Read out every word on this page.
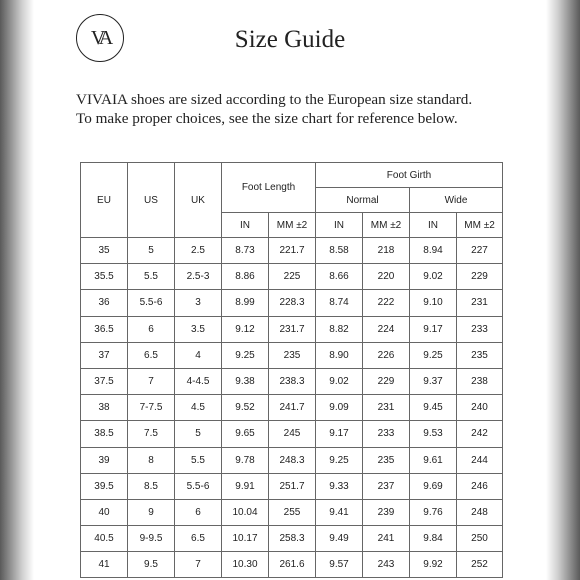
VA	Size Guide

VIVAIA shoes are sized according to the European size standard.
To make proper choices, see the size chart for reference below.

EU	US	UK	Foot Length		Foot Girth			
					Normal		Wide	
			IN	MM ±2	IN	MM ±2	IN	MM ±2
35	5	2.5	8.73	221.7	8.58	218	8.94	227
35.5	5.5	2.5-3	8.86	225	8.66	220	9.02	229
36	5.5-6	3	8.99	228.3	8.74	222	9.10	231
36.5	6	3.5	9.12	231.7	8.82	224	9.17	233
37	6.5	4	9.25	235	8.90	226	9.25	235
37.5	7	4-4.5	9.38	238.3	9.02	229	9.37	238
38	7-7.5	4.5	9.52	241.7	9.09	231	9.45	240
38.5	7.5	5	9.65	245	9.17	233	9.53	242
39	8	5.5	9.78	248.3	9.25	235	9.61	244
39.5	8.5	5.5-6	9.91	251.7	9.33	237	9.69	246
40	9	6	10.04	255	9.41	239	9.76	248
40.5	9-9.5	6.5	10.17	258.3	9.49	241	9.84	250
41	9.5	7	10.30	261.6	9.57	243	9.92	252
